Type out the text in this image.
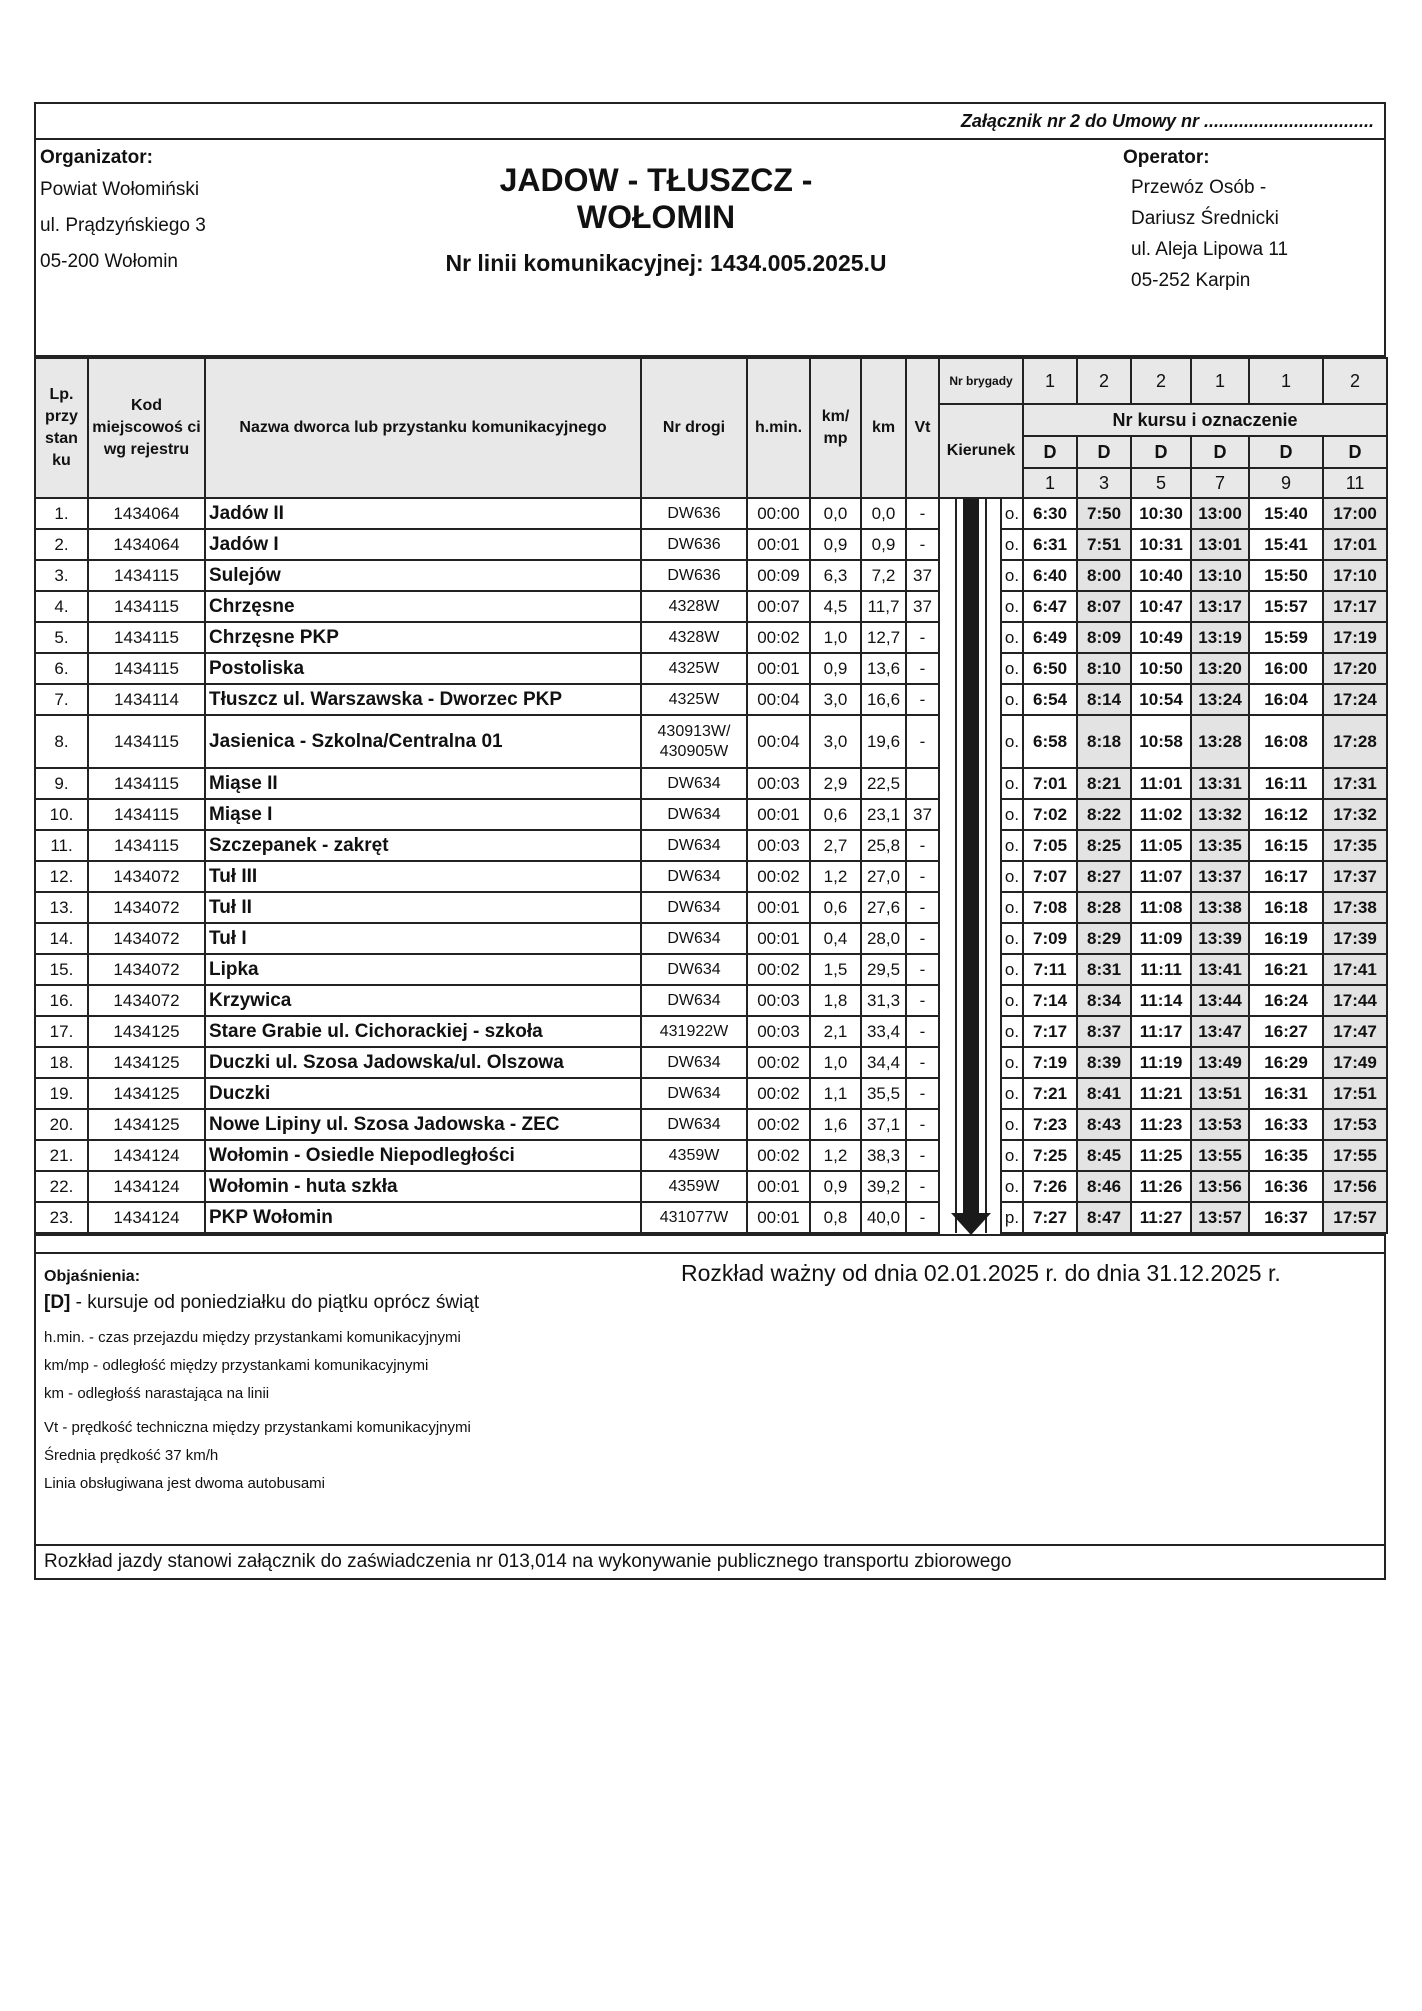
Załącznik nr 2 do Umowy nr ..................................
Organizator:
Powiat Wołomiński
ul. Prądzyńskiego 3
05-200 Wołomin
JADOW - TŁUSZCZ - WOŁOMIN
Nr linii komunikacyjnej: 1434.005.2025.U
Operator:
Przewóz Osób -
Dariusz Średnicki
ul. Aleja Lipowa 11
05-252 Karpin
Lp. przy stan ku	Kod miejscowoś ci wg rejestru	Nazwa dworca lub przystanku komunikacyjnego	Nr drogi	h.min.	km/ mp	km	Vt	Nr brygady				1	2	2	1	1	2
								Kierunek				Nr kursu i oznaczenie					
												D	D	D	D	D	D
												1	3	5	7	9	11
1.	1434064	Jadów II	DW636	00:00	0,0	0,0	-				o.	6:30	7:50	10:30	13:00	15:40	17:00
2.	1434064	Jadów I	DW636	00:01	0,9	0,9	-				o.	6:31	7:51	10:31	13:01	15:41	17:01
3.	1434115	Sulejów	DW636	00:09	6,3	7,2	37				o.	6:40	8:00	10:40	13:10	15:50	17:10
4.	1434115	Chrzęsne	4328W	00:07	4,5	11,7	37				o.	6:47	8:07	10:47	13:17	15:57	17:17
5.	1434115	Chrzęsne PKP	4328W	00:02	1,0	12,7	-				o.	6:49	8:09	10:49	13:19	15:59	17:19
6.	1434115	Postoliska	4325W	00:01	0,9	13,6	-				o.	6:50	8:10	10:50	13:20	16:00	17:20
7.	1434114	Tłuszcz ul. Warszawska - Dworzec PKP	4325W	00:04	3,0	16,6	-				o.	6:54	8:14	10:54	13:24	16:04	17:24
8.	1434115	Jasienica - Szkolna/Centralna 01	430913W/ 430905W	00:04	3,0	19,6	-				o.	6:58	8:18	10:58	13:28	16:08	17:28
9.	1434115	Miąse II	DW634	00:03	2,9	22,5					o.	7:01	8:21	11:01	13:31	16:11	17:31
10.	1434115	Miąse I	DW634	00:01	0,6	23,1	37				o.	7:02	8:22	11:02	13:32	16:12	17:32
11.	1434115	Szczepanek - zakręt	DW634	00:03	2,7	25,8	-				o.	7:05	8:25	11:05	13:35	16:15	17:35
12.	1434072	Tuł III	DW634	00:02	1,2	27,0	-				o.	7:07	8:27	11:07	13:37	16:17	17:37
13.	1434072	Tuł II	DW634	00:01	0,6	27,6	-				o.	7:08	8:28	11:08	13:38	16:18	17:38
14.	1434072	Tuł I	DW634	00:01	0,4	28,0	-				o.	7:09	8:29	11:09	13:39	16:19	17:39
15.	1434072	Lipka	DW634	00:02	1,5	29,5	-				o.	7:11	8:31	11:11	13:41	16:21	17:41
16.	1434072	Krzywica	DW634	00:03	1,8	31,3	-				o.	7:14	8:34	11:14	13:44	16:24	17:44
17.	1434125	Stare Grabie ul. Cichorackiej - szkoła	431922W	00:03	2,1	33,4	-				o.	7:17	8:37	11:17	13:47	16:27	17:47
18.	1434125	Duczki ul. Szosa Jadowska/ul. Olszowa	DW634	00:02	1,0	34,4	-				o.	7:19	8:39	11:19	13:49	16:29	17:49
19.	1434125	Duczki	DW634	00:02	1,1	35,5	-				o.	7:21	8:41	11:21	13:51	16:31	17:51
20.	1434125	Nowe Lipiny ul. Szosa Jadowska - ZEC	DW634	00:02	1,6	37,1	-				o.	7:23	8:43	11:23	13:53	16:33	17:53
21.	1434124	Wołomin - Osiedle Niepodległości	4359W	00:02	1,2	38,3	-				o.	7:25	8:45	11:25	13:55	16:35	17:55
22.	1434124	Wołomin - huta szkła	4359W	00:01	0,9	39,2	-				o.	7:26	8:46	11:26	13:56	16:36	17:56
23.	1434124	PKP Wołomin	431077W	00:01	0,8	40,0	-				p.	7:27	8:47	11:27	13:57	16:37	17:57
Objaśnienia:
[D] - kursuje od poniedziałku do piątku oprócz świąt
h.min. - czas przejazdu między przystankami komunikacyjnymi
km/mp - odległość między przystankami komunikacyjnymi
km - odległośś narastająca na linii
Vt - prędkość techniczna między przystankami komunikacyjnymi
Średnia prędkość 37 km/h
Linia obsługiwana jest dwoma autobusami
Rozkład ważny od dnia 02.01.2025 r. do dnia 31.12.2025 r.
Rozkład jazdy stanowi załącznik do zaświadczenia nr 013,014 na wykonywanie publicznego transportu zbiorowego
